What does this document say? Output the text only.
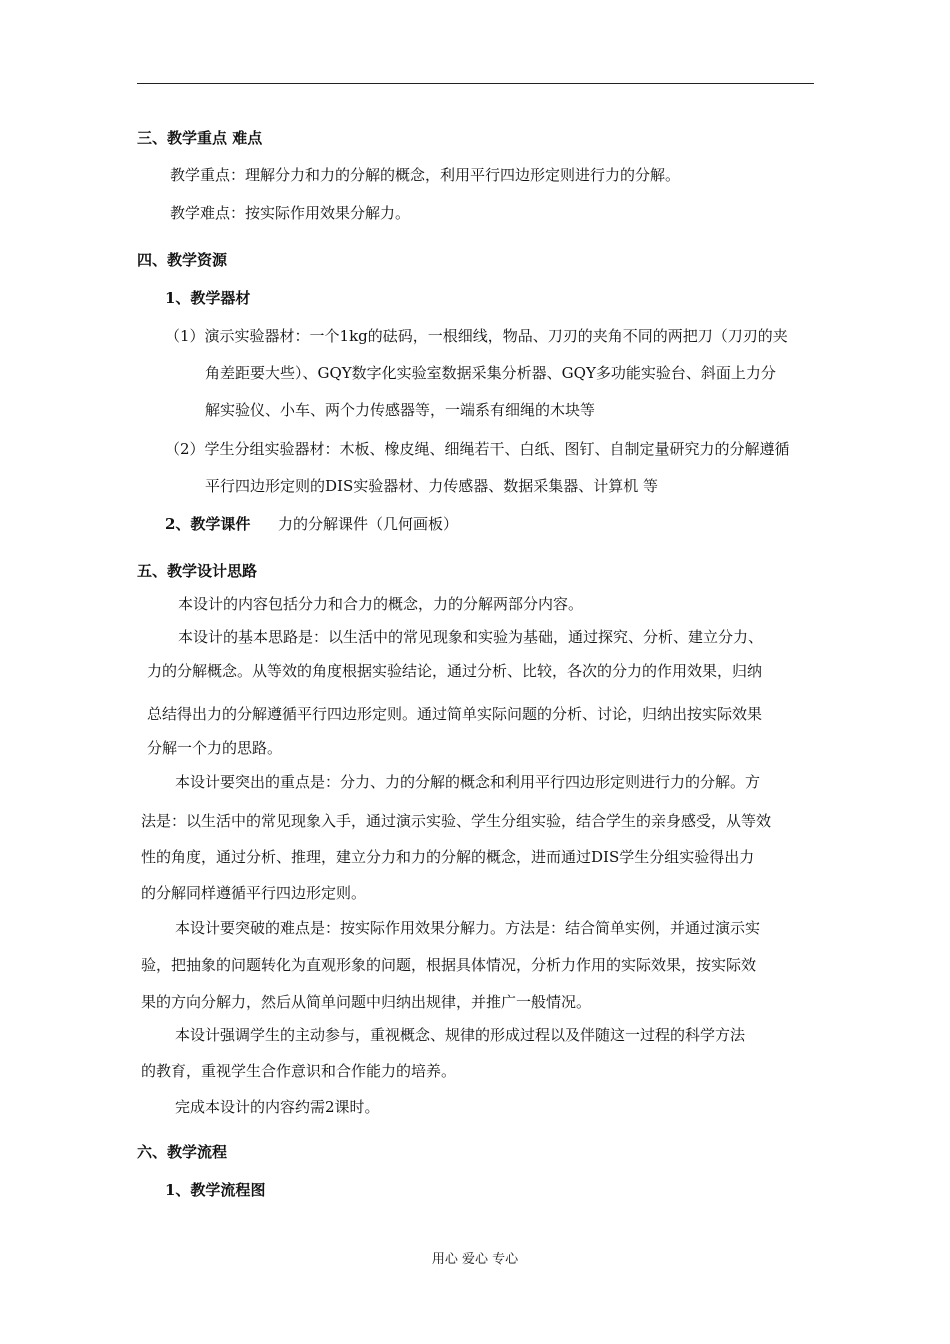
三、教学重点 难点
教学重点：理解分力和力的分解的概念，利用平行四边形定则进行力的分解。
教学难点：按实际作用效果分解力。
四、教学资源
1、教学器材
（1）演示实验器材：一个1kg的砝码，一根细线，物品、刀刃的夹角不同的两把刀（刀刃的夹
角差距要大些）、GQY数字化实验室数据采集分析器、GQY多功能实验台、斜面上力分
解实验仪、小车、两个力传感器等，一端系有细绳的木块等
（2）学生分组实验器材：木板、橡皮绳、细绳若干、白纸、图钉、自制定量研究力的分解遵循
平行四边形定则的DIS实验器材、力传感器、数据采集器、计算机 等
2、教学课件 力的分解课件（几何画板）
五、教学设计思路
本设计的内容包括分力和合力的概念，力的分解两部分内容。
本设计的基本思路是：以生活中的常见现象和实验为基础，通过探究、分析、建立分力、
力的分解概念。从等效的角度根据实验结论，通过分析、比较，各次的分力的作用效果，归纳
总结得出力的分解遵循平行四边形定则。通过简单实际问题的分析、讨论，归纳出按实际效果
分解一个力的思路。
本设计要突出的重点是：分力、力的分解的概念和利用平行四边形定则进行力的分解。方
法是：以生活中的常见现象入手，通过演示实验、学生分组实验，结合学生的亲身感受，从等效
性的角度，通过分析、推理，建立分力和力的分解的概念，进而通过DIS学生分组实验得出力
的分解同样遵循平行四边形定则。
本设计要突破的难点是：按实际作用效果分解力。方法是：结合简单实例，并通过演示实
验，把抽象的问题转化为直观形象的问题，根据具体情况，分析力作用的实际效果，按实际效
果的方向分解力，然后从简单问题中归纳出规律，并推广一般情况。
本设计强调学生的主动参与，重视概念、规律的形成过程以及伴随这一过程的科学方法
的教育，重视学生合作意识和合作能力的培养。
完成本设计的内容约需2课时。
六、教学流程
1、教学流程图
用心 爱心 专心
